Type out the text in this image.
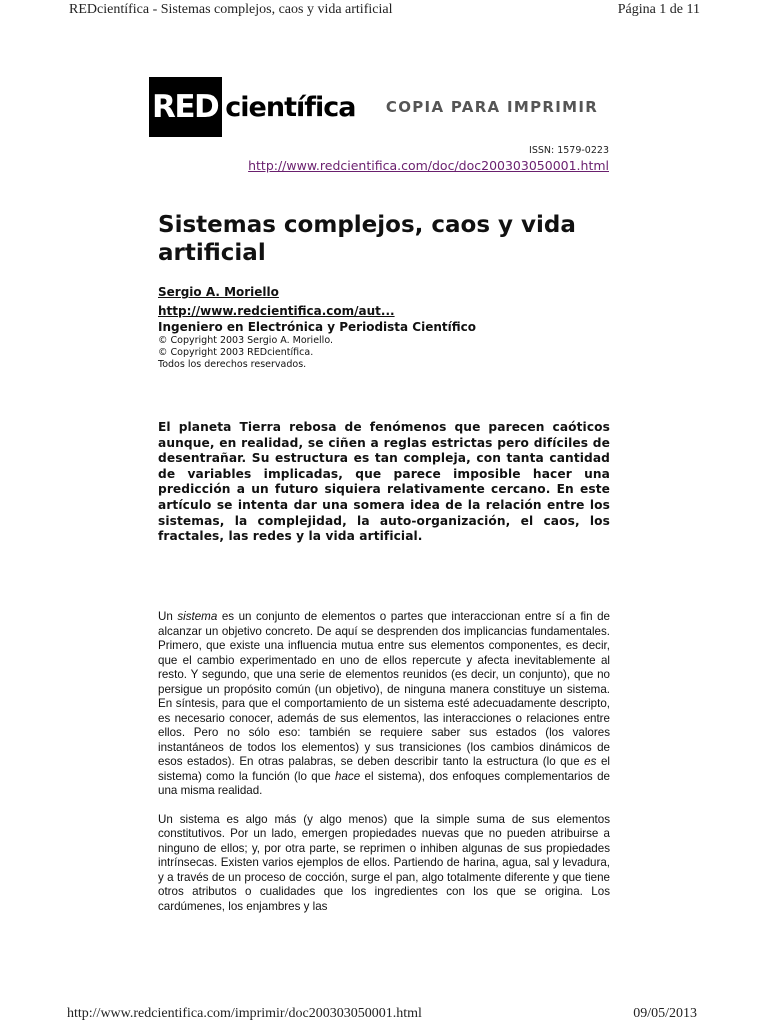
REDcientífica - Sistemas complejos, caos y vida artificial	Página 1 de 11
RED científica	COPIA PARA IMPRIMIR
ISSN: 1579-0223
http://www.redcientifica.com/doc/doc200303050001.html
Sistemas complejos, caos y vida artificial
Sergio A. Moriello
http://www.redcientifica.com/aut...
Ingeniero en Electrónica y Periodista Científico
© Copyright 2003 Sergio A. Moriello.
© Copyright 2003 REDcientífica.
Todos los derechos reservados.

El planeta Tierra rebosa de fenómenos que parecen caóticos aunque, en realidad, se ciñen a reglas estrictas pero difíciles de desentrañar. Su estructura es tan compleja, con tanta cantidad de variables implicadas, que parece imposible hacer una predicción a un futuro siquiera relativamente cercano. En este artículo se intenta dar una somera idea de la relación entre los sistemas, la complejidad, la auto-organización, el caos, los fractales, las redes y la vida artificial.

Un sistema es un conjunto de elementos o partes que interaccionan entre sí a fin de alcanzar un objetivo concreto. De aquí se desprenden dos implicancias fundamentales. Primero, que existe una influencia mutua entre sus elementos componentes, es decir, que el cambio experimentado en uno de ellos repercute y afecta inevitablemente al resto. Y segundo, que una serie de elementos reunidos (es decir, un conjunto), que no persigue un propósito común (un objetivo), de ninguna manera constituye un sistema. En síntesis, para que el comportamiento de un sistema esté adecuadamente descripto, es necesario conocer, además de sus elementos, las interacciones o relaciones entre ellos. Pero no sólo eso: también se requiere saber sus estados (los valores instantáneos de todos los elementos) y sus transiciones (los cambios dinámicos de esos estados). En otras palabras, se deben describir tanto la estructura (lo que es el sistema) como la función (lo que hace el sistema), dos enfoques complementarios de una misma realidad.

Un sistema es algo más (y algo menos) que la simple suma de sus elementos constitutivos. Por un lado, emergen propiedades nuevas que no pueden atribuirse a ninguno de ellos; y, por otra parte, se reprimen o inhiben algunas de sus propiedades intrínsecas. Existen varios ejemplos de ellos. Partiendo de harina, agua, sal y levadura, y a través de un proceso de cocción, surge el pan, algo totalmente diferente y que tiene otros atributos o cualidades que los ingredientes con los que se origina. Los cardúmenes, los enjambres y las

http://www.redcientifica.com/imprimir/doc200303050001.html	09/05/2013
